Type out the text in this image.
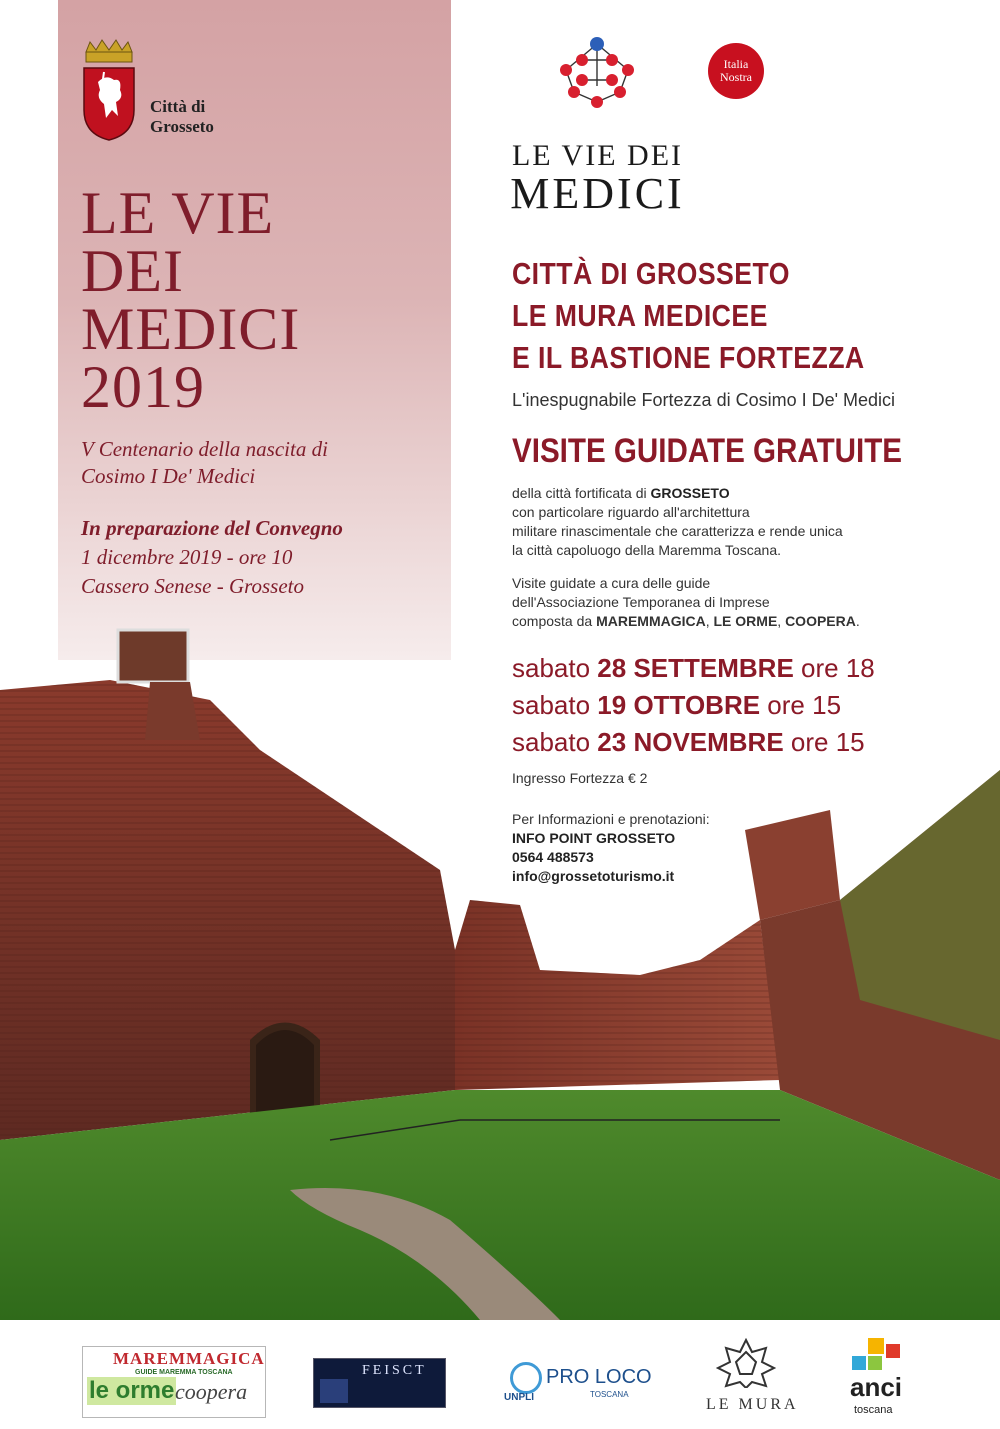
Città di
Grosseto
LE VIE
DEI
MEDICI
2019
V Centenario della nascita di
Cosimo I De' Medici
In preparazione del Convegno
1 dicembre 2019 - ore 10
Cassero Senese - Grosseto
LE VIE DEI
MEDICI
Italia
Nostra
CITTÀ DI GROSSETO
LE MURA MEDICEE
E IL BASTIONE FORTEZZA
L'inespugnabile Fortezza di Cosimo I De' Medici
VISITE GUIDATE GRATUITE
della città fortificata di GROSSETO
con particolare riguardo all'architettura
militare rinascimentale che caratterizza e rende unica
la città capoluogo della Maremma Toscana.
Visite guidate a cura delle guide
dell'Associazione Temporanea di Imprese
composta da MAREMMAGICA, LE ORME, COOPERA.
sabato 28 SETTEMBRE ore 18
sabato 19 OTTOBRE ore 15
sabato 23 NOVEMBRE ore 15
Ingresso Fortezza € 2
Per Informazioni e prenotazioni:
INFO POINT GROSSETO
0564 488573
info@grossetoturismo.it
MAREMMAGICA
GUIDE MAREMMA TOSCANA
le orme coopera
FEISCT
UNPLI
PRO LOCO
TOSCANA
LE MURA
anci
toscana
